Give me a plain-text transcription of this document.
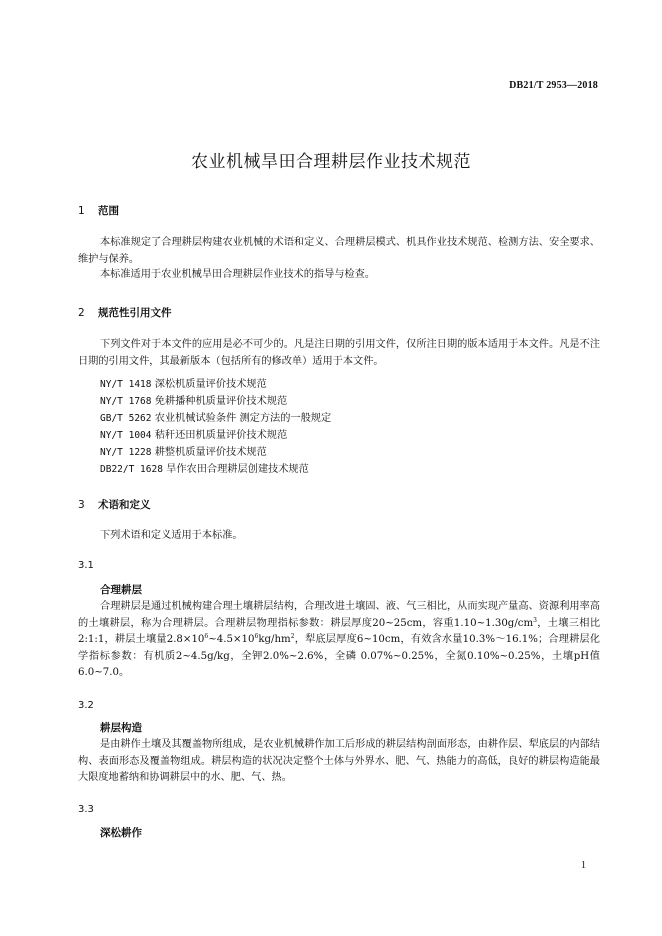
DB21/T 2953—2018
农业机械旱田合理耕层作业技术规范
1 范围
本标准规定了合理耕层构建农业机械的术语和定义、合理耕层模式、机具作业技术规范、检测方法、安全要求、维护与保养。
本标准适用于农业机械旱田合理耕层作业技术的指导与检查。
2 规范性引用文件
下列文件对于本文件的应用是必不可少的。凡是注日期的引用文件，仅所注日期的版本适用于本文件。凡是不注日期的引用文件，其最新版本（包括所有的修改单）适用于本文件。
NY/T 1418 深松机质量评价技术规范
NY/T 1768 免耕播种机质量评价技术规范
GB/T 5262 农业机械试验条件 测定方法的一般规定
NY/T 1004 秸秆还田机质量评价技术规范
NY/T 1228 耕整机质量评价技术规范
DB22/T 1628 旱作农田合理耕层创建技术规范
3 术语和定义
下列术语和定义适用于本标准。
3.1
合理耕层
合理耕层是通过机械构建合理土壤耕层结构，合理改进土壤固、液、气三相比，从而实现产量高、资源利用率高的土壤耕层，称为合理耕层。合理耕层物理指标参数：耕层厚度20~25cm，容重$1.10\sim 1.30g/cm^3$，土壤三相比2:1:1，耕层土壤量$2.8\times 10^6\sim 4.5\times 10^6kg/hm^2$，犁底层厚度6~10cm，有效含水量10.3%～16.1%；合理耕层化学指标参数：有机质2~4.5g/kg，全钾2.0%~2.6%，全磷 0.07%~0.25%，全氮0.10%~0.25%，土壤pH值 6.0~7.0。
3.2
耕层构造
是由耕作土壤及其覆盖物所组成，是农业机械耕作加工后形成的耕层结构剖面形态，由耕作层、犁底层的内部结构、表面形态及覆盖物组成。耕层构造的状况决定整个土体与外界水、肥、气、热能力的高低，良好的耕层构造能最大限度地蓄纳和协调耕层中的水、肥、气、热。
3.3
深松耕作
1
